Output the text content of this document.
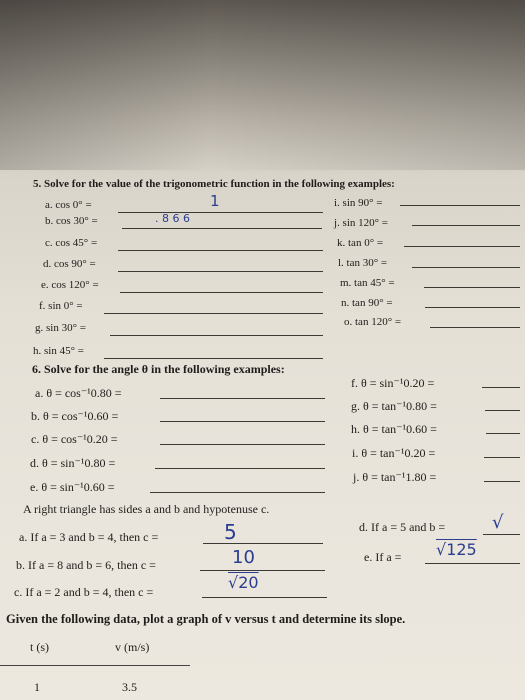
5. Solve for the value of the trigonometric function in the following examples:
a. cos 0° =	1
b. cos 30° =	. 8 6 6
c. cos 45° =
d. cos 90° =
e. cos 120° =
f. sin 0° =
g. sin 30° =
h. sin 45° =
i. sin 90° =
j. sin 120° =
k. tan 0° =
l. tan 30° =
m. tan 45° =
n. tan 90° =
o. tan 120° =
6. Solve for the angle θ in the following examples:
a. θ = cos⁻¹0.80 =
b. θ = cos⁻¹0.60 =
c. θ = cos⁻¹0.20 =
d. θ = sin⁻¹0.80 =
e. θ = sin⁻¹0.60 =
f. θ = sin⁻¹0.20 =
g. θ = tan⁻¹0.80 =
h. θ = tan⁻¹0.60 =
i. θ = tan⁻¹0.20 =
j. θ = tan⁻¹1.80 =
A right triangle has sides a and b and hypotenuse c.
a. If a = 3 and b = 4, then c =	5
b. If a = 8 and b = 6, then c =	10
c. If a = 2 and b = 4, then c =	√20
d. If a = 5 and b =	√
e. If a = √125
Given the following data, plot a graph of v versus t and determine its slope.
t (s)	v (m/s)
1	3.5
